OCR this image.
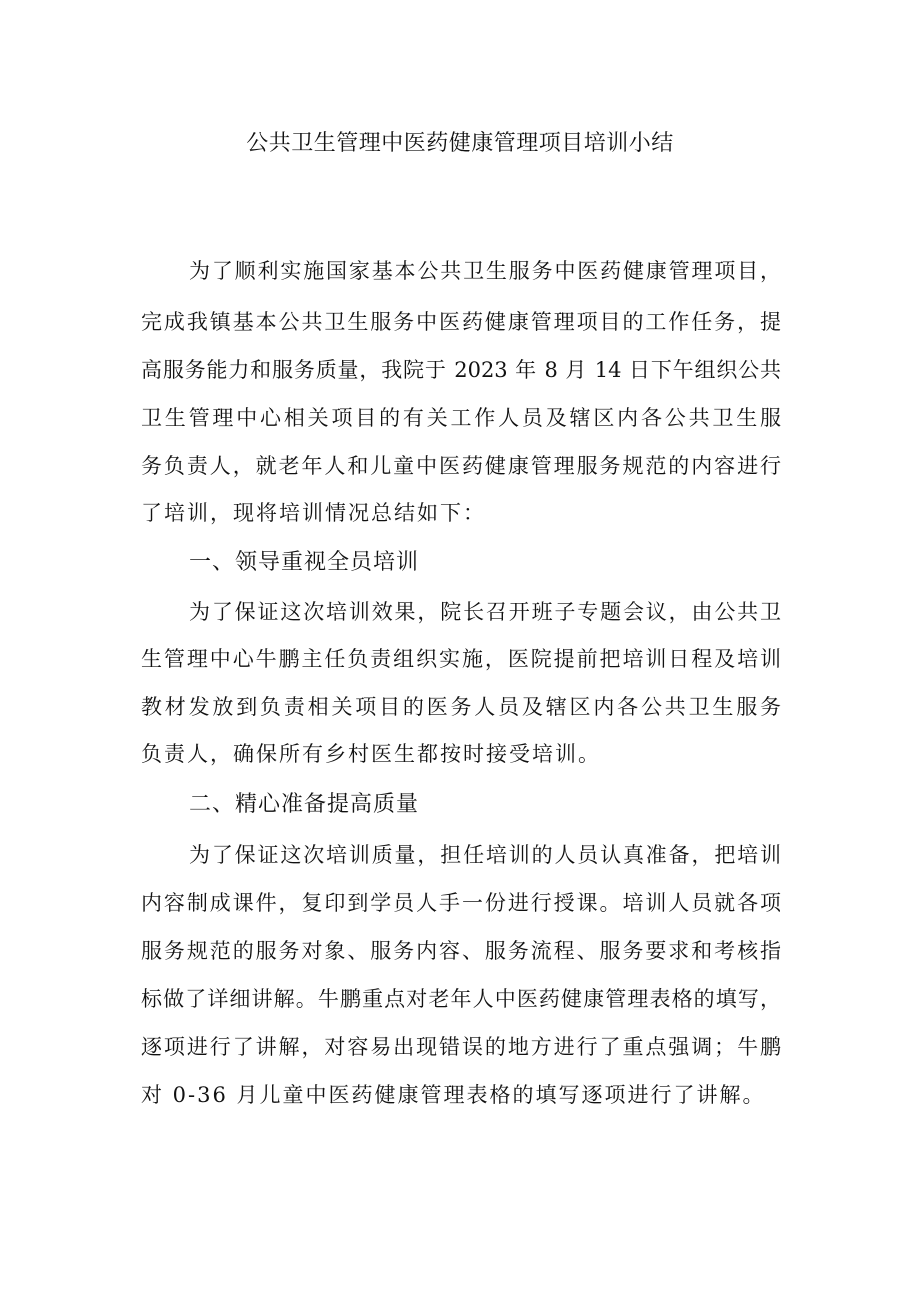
公共卫生管理中医药健康管理项目培训小结

为了顺利实施国家基本公共卫生服务中医药健康管理项目，

完成我镇基本公共卫生服务中医药健康管理项目的工作任务，提

高服务能力和服务质量，我院于 2023 年 8 月 14 日下午组织公共

卫生管理中心相关项目的有关工作人员及辖区内各公共卫生服

务负责人，就老年人和儿童中医药健康管理服务规范的内容进行

了培训，现将培训情况总结如下：

一、领导重视全员培训

为了保证这次培训效果，院长召开班子专题会议，由公共卫

生管理中心牛鹏主任负责组织实施，医院提前把培训日程及培训

教材发放到负责相关项目的医务人员及辖区内各公共卫生服务

负责人，确保所有乡村医生都按时接受培训。

二、精心准备提高质量

为了保证这次培训质量，担任培训的人员认真准备，把培训

内容制成课件，复印到学员人手一份进行授课。培训人员就各项

服务规范的服务对象、服务内容、服务流程、服务要求和考核指

标做了详细讲解。牛鹏重点对老年人中医药健康管理表格的填写，

逐项进行了讲解，对容易出现错误的地方进行了重点强调；牛鹏

对 0-36 月儿童中医药健康管理表格的填写逐项进行了讲解。
